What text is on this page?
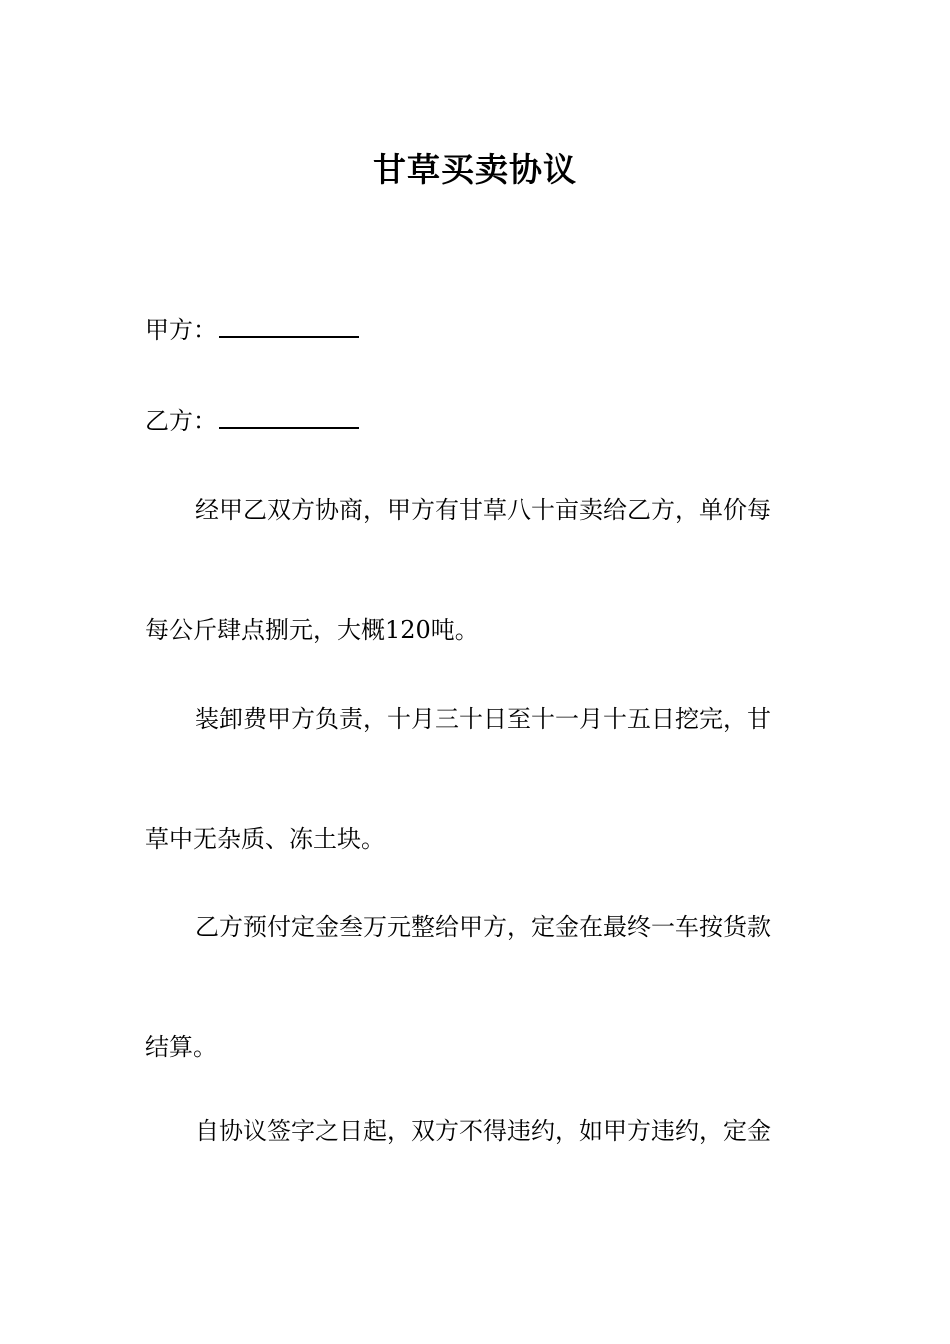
甘草买卖协议
甲方：
乙方：
经甲乙双方协商，甲方有甘草八十亩卖给乙方，单价每
每公斤肆点捌元，大概120吨。
装卸费甲方负责，十月三十日至十一月十五日挖完，甘
草中无杂质、冻土块。
乙方预付定金叁万元整给甲方，定金在最终一车按货款
结算。
自协议签字之日起，双方不得违约，如甲方违约，定金
